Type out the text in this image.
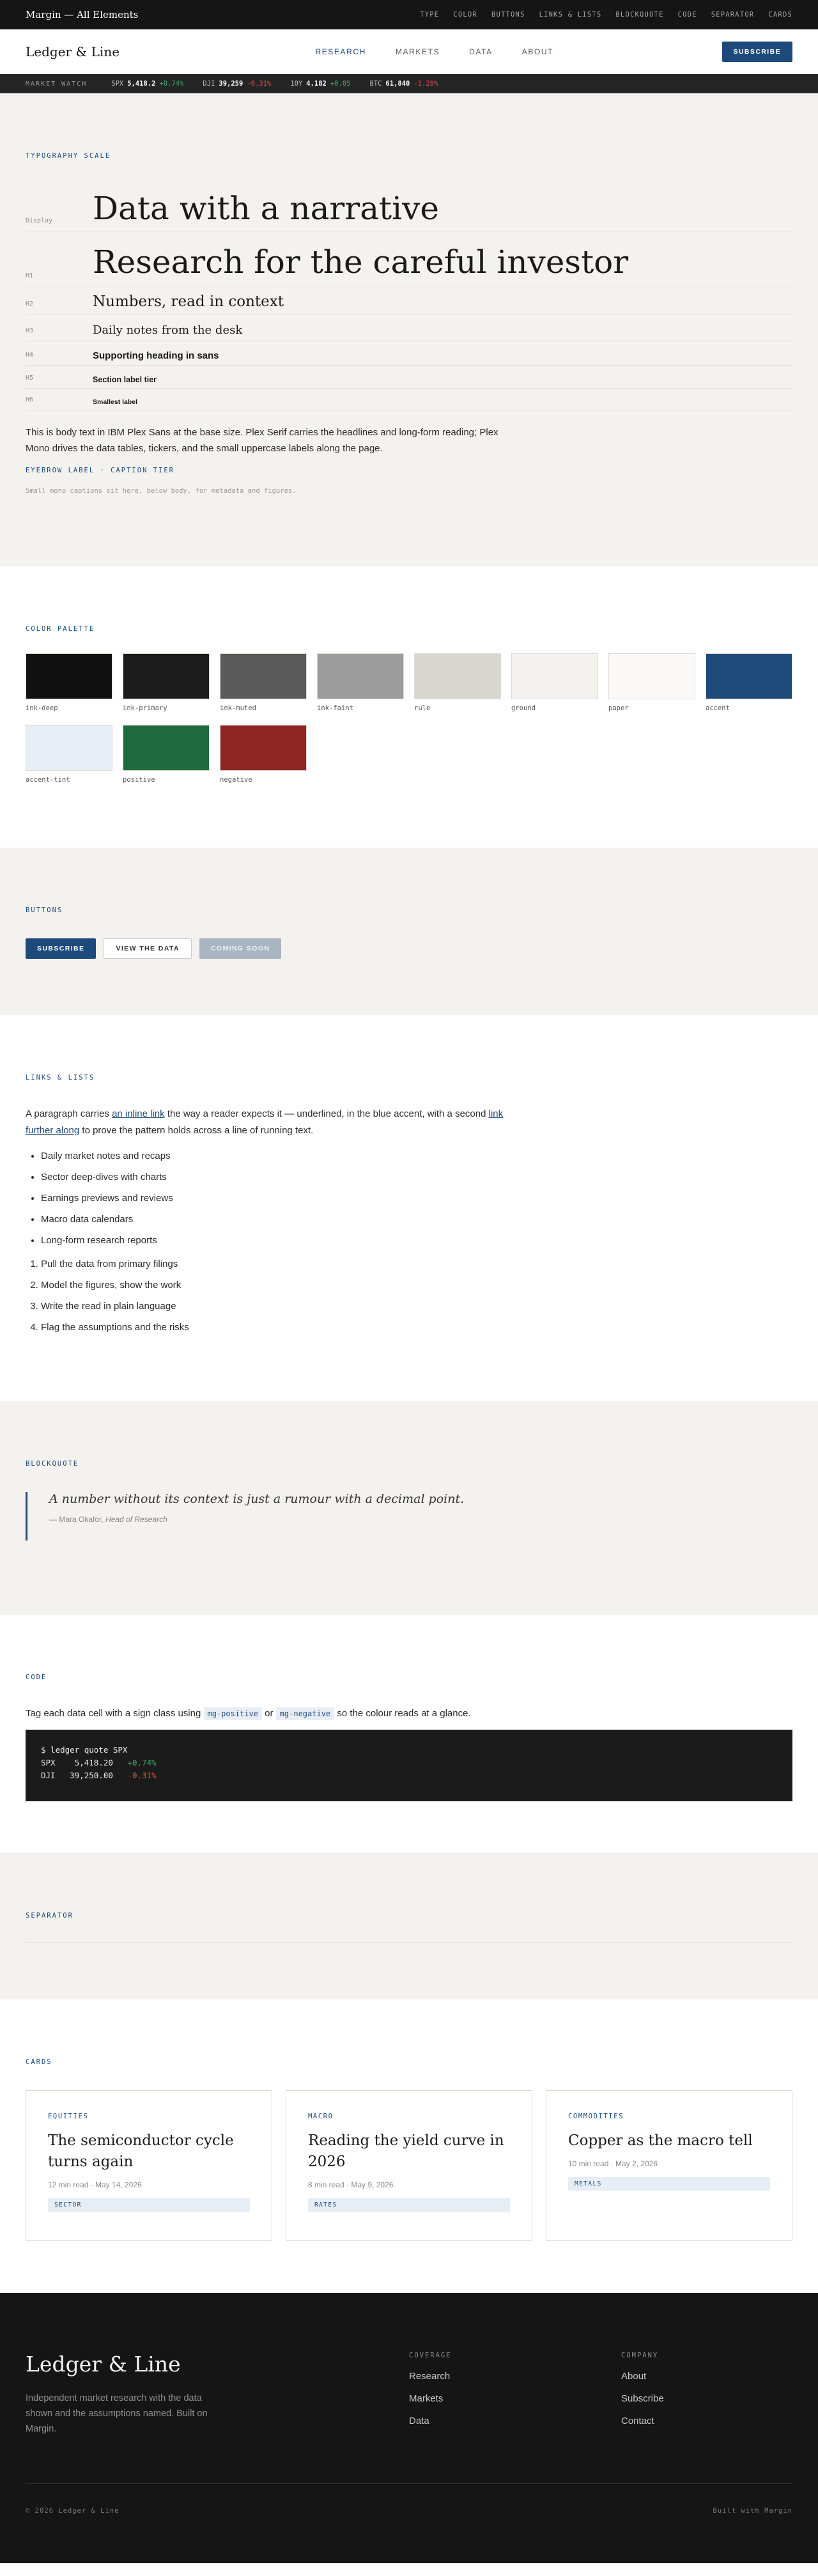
Margin — All Elements	TYPE COLOR BUTTONS LINKS & LISTS BLOCKQUOTE CODE SEPARATOR CARDS
Ledger & Line	RESEARCH	MARKETS	DATA	ABOUT	SUBSCRIBE
MARKET WATCH	SPX 5,418.2 +0.74%	DJI 39,259 -0.31%	10Y 4.182 +0.05	BTC 61,840 -1.28%
TYPOGRAPHY SCALE
Display	Data with a narrative
H1	Research for the careful investor
H2	Numbers, read in context
H3	Daily notes from the desk
H4	Supporting heading in sans
H5	Section label tier
H6	Smallest label

This is body text in IBM Plex Sans at the base size. Plex Serif carries the headlines and long-form reading; Plex Mono drives the data tables, tickers, and the small uppercase labels along the page.

EYEBROW LABEL · CAPTION TIER
Small mono captions sit here, below body, for metadata and figures.
COLOR PALETTE
ink-deep	ink-primary	ink-muted	ink-faint	rule	ground	paper	accent
accent-tint	positive	negative
BUTTONS
SUBSCRIBE	VIEW THE DATA	COMING SOON
LINKS & LISTS

A paragraph carries an inline link the way a reader expects it — underlined, in the blue accent, with a second link further along to prove the pattern holds across a line of running text.

• Daily market notes and recaps
• Sector deep-dives with charts
• Earnings previews and reviews
• Macro data calendars
• Long-form research reports
1. Pull the data from primary filings
2. Model the figures, show the work
3. Write the read in plain language
4. Flag the assumptions and the risks
BLOCKQUOTE
A number without its context is just a rumour with a decimal point.
— Mara Okafor, Head of Research
CODE

Tag each data cell with a sign class using mg-positive or mg-negative so the colour reads at a glance.

$ ledger quote SPX
SPX 5,418.20 +0.74%
DJI 39,250.00 -0.31%
SEPARATOR
CARDS
EQUITIES
The semiconductor cycle turns again
12 min read · May 14, 2026
SECTOR
MACRO
Reading the yield curve in 2026
8 min read · May 9, 2026
RATES
COMMODITIES
Copper as the macro tell
10 min read · May 2, 2026
METALS
Ledger & Line
Independent market research with the data shown and the assumptions named. Built on Margin.
COVERAGE
Research
Markets
Data
COMPANY
About
Subscribe
Contact
© 2026 Ledger & Line	Built with Margin
